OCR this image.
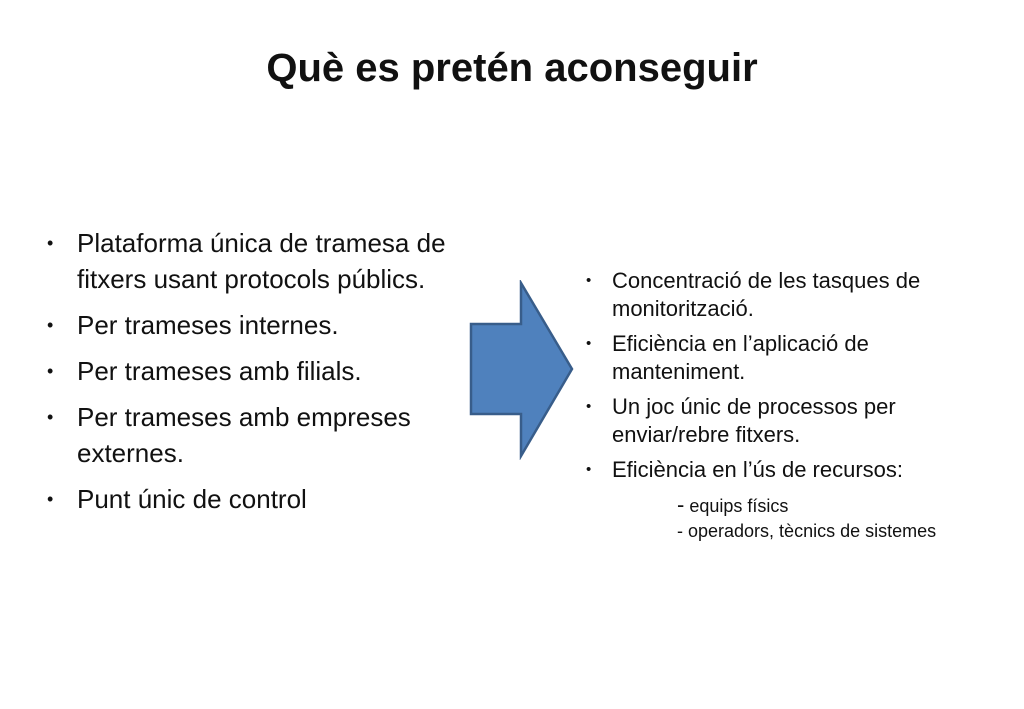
Què es pretén aconseguir
• Plataforma única de tramesa de fitxers usant protocols públics.
• Per trameses internes.
• Per trameses amb filials.
• Per trameses amb empreses externes.
• Punt únic de control
• Concentració de les tasques de monitorització.
• Eficiència en l’aplicació de manteniment.
• Un joc únic de processos per enviar/rebre fitxers.
• Eficiència en l’ús de recursos:
- equips físics
- operadors, tècnics de sistemes
